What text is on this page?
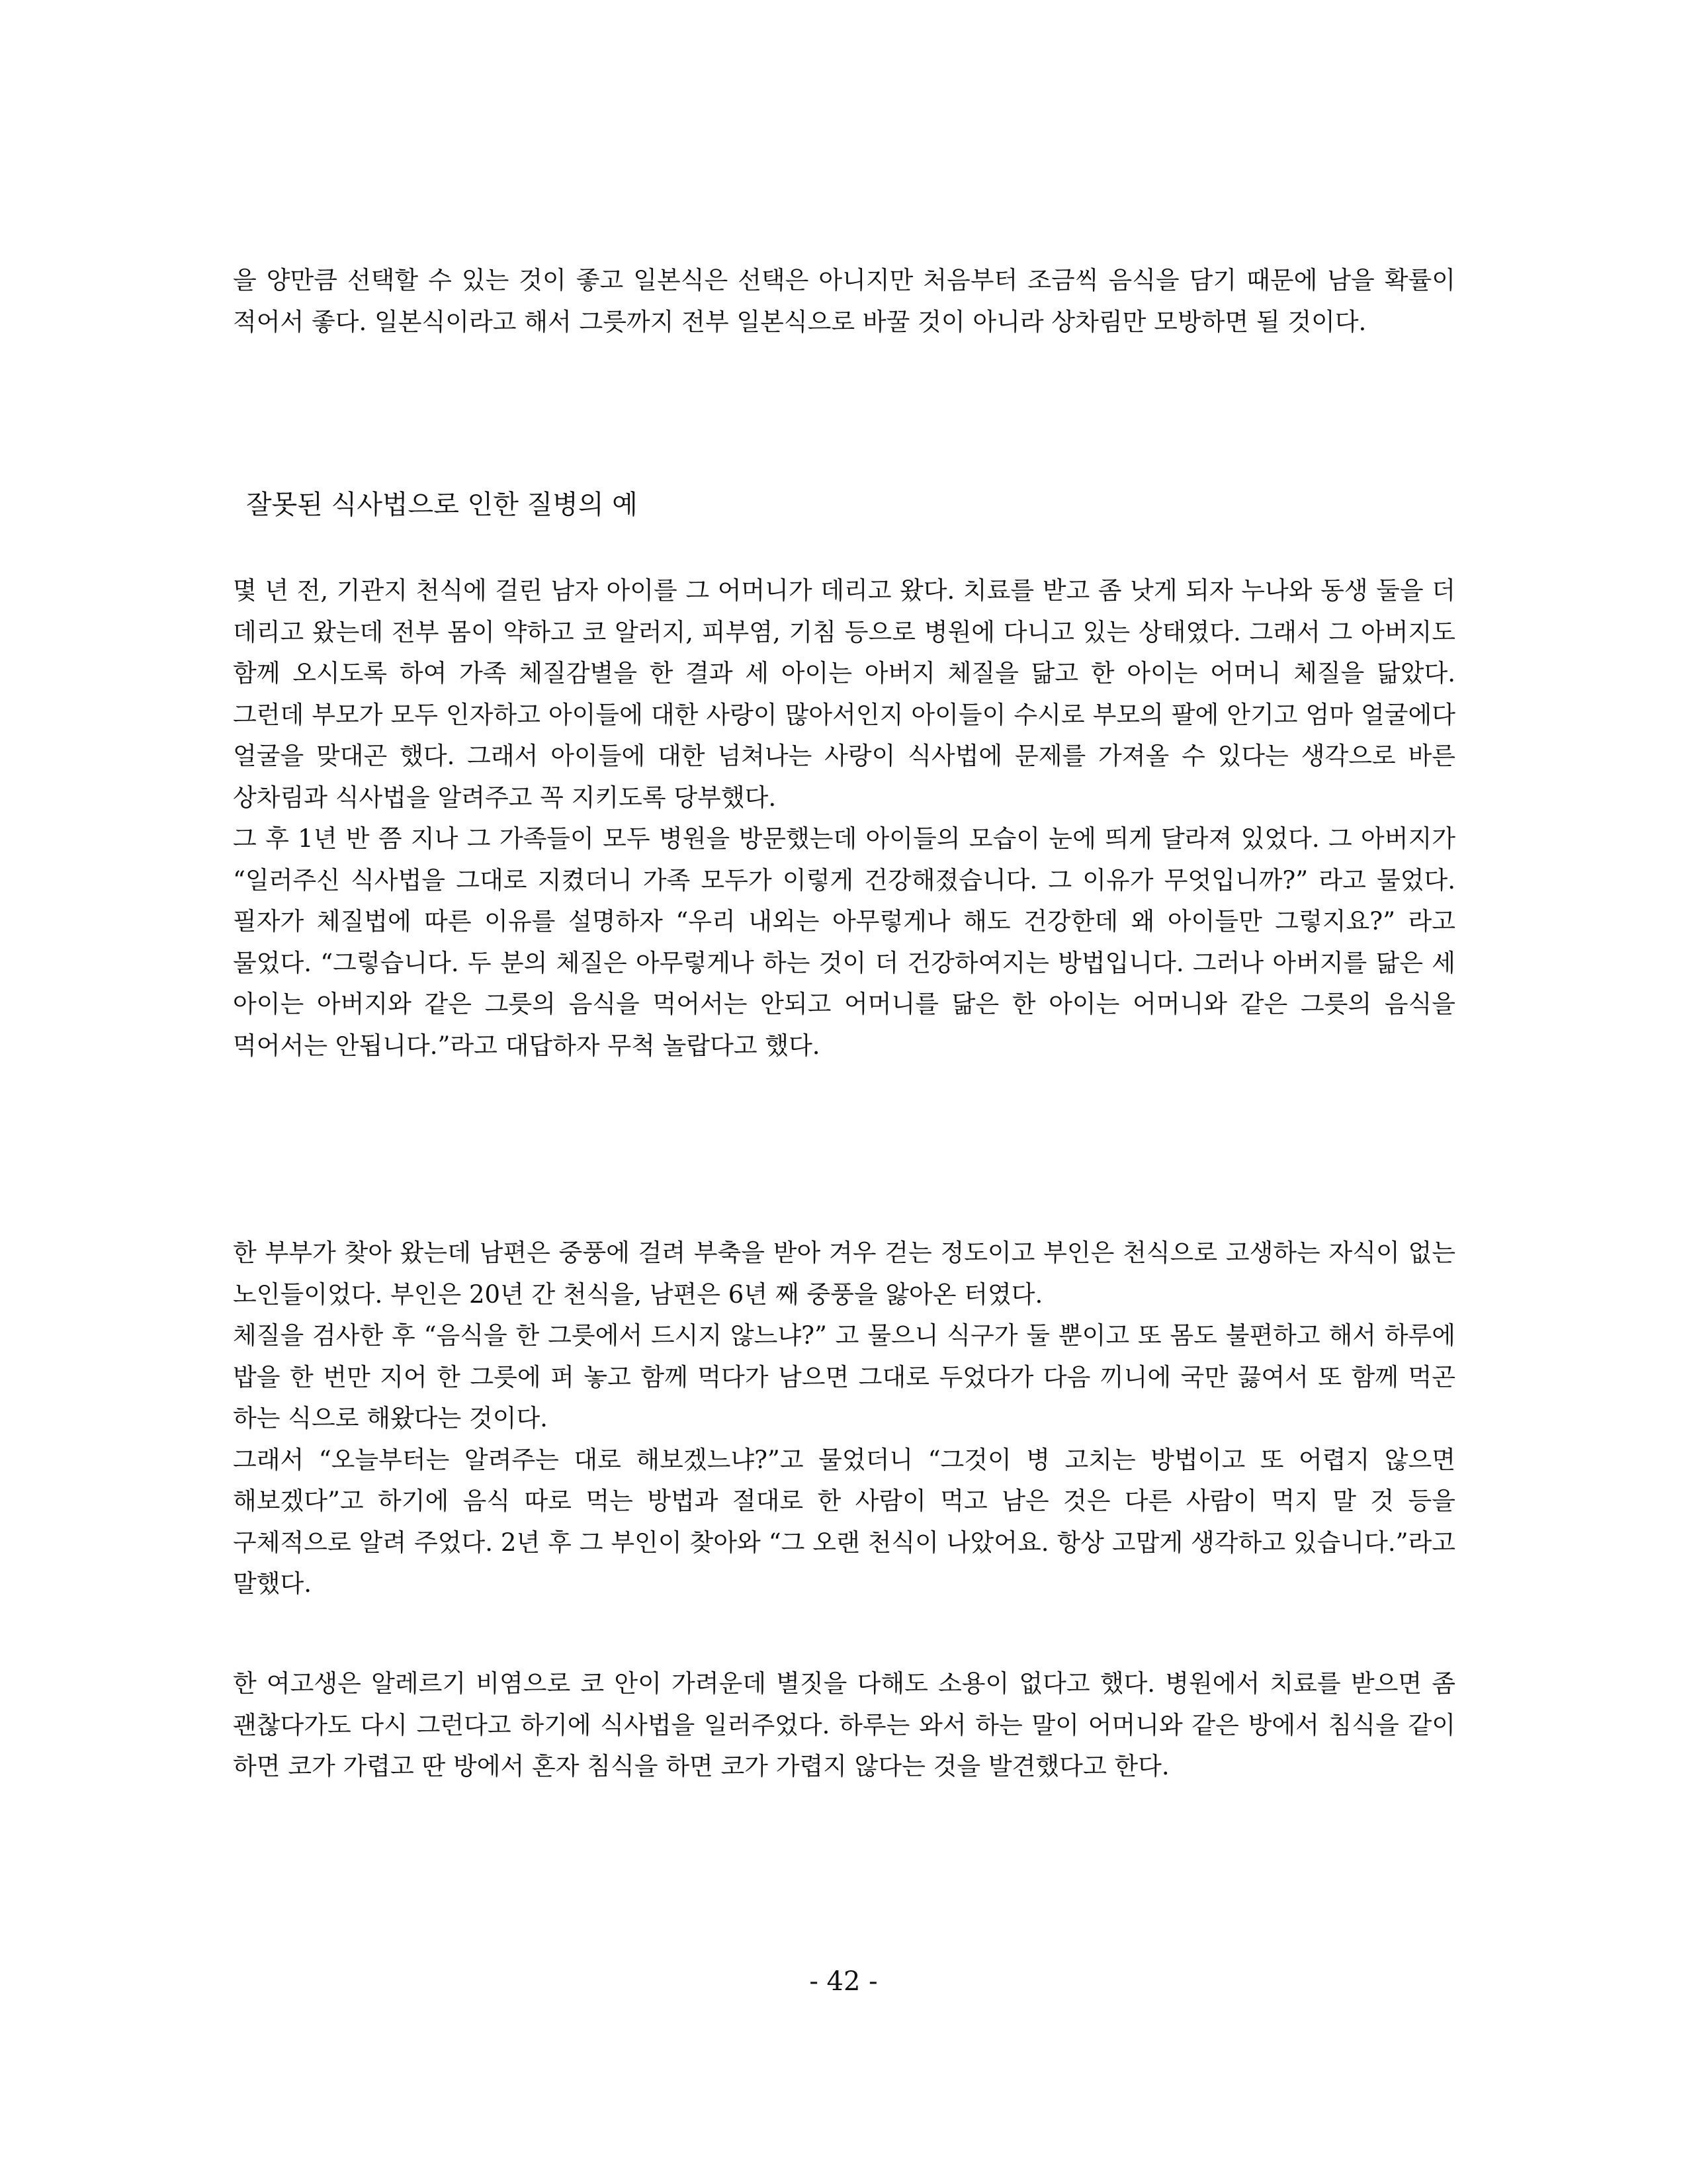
을 양만큼 선택할 수 있는 것이 좋고 일본식은 선택은 아니지만 처음부터 조금씩 음식을 담기 때문에 남을 확률이 적어서 좋다. 일본식이라고 해서 그릇까지 전부 일본식으로 바꿀 것이 아니라 상차림만 모방하면 될 것이다.

잘못된 식사법으로 인한 질병의 예

몇 년 전, 기관지 천식에 걸린 남자 아이를 그 어머니가 데리고 왔다. 치료를 받고 좀 낫게 되자 누나와 동생 둘을 더 데리고 왔는데 전부 몸이 약하고 코 알러지, 피부염, 기침 등으로 병원에 다니고 있는 상태였다. 그래서 그 아버지도 함께 오시도록 하여 가족 체질감별을 한 결과 세 아이는 아버지 체질을 닮고 한 아이는 어머니 체질을 닮았다. 그런데 부모가 모두 인자하고 아이들에 대한 사랑이 많아서인지 아이들이 수시로 부모의 팔에 안기고 엄마 얼굴에다 얼굴을 맞대곤 했다. 그래서 아이들에 대한 넘쳐나는 사랑이 식사법에 문제를 가져올 수 있다는 생각으로 바른 상차림과 식사법을 알려주고 꼭 지키도록 당부했다.

그 후 1년 반 쯤 지나 그 가족들이 모두 병원을 방문했는데 아이들의 모습이 눈에 띄게 달라져 있었다. 그 아버지가 “일러주신 식사법을 그대로 지켰더니 가족 모두가 이렇게 건강해졌습니다. 그 이유가 무엇입니까?” 라고 물었다. 필자가 체질법에 따른 이유를 설명하자 “우리 내외는 아무렇게나 해도 건강한데 왜 아이들만 그렇지요?” 라고 물었다. “그렇습니다. 두 분의 체질은 아무렇게나 하는 것이 더 건강하여지는 방법입니다. 그러나 아버지를 닮은 세 아이는 아버지와 같은 그릇의 음식을 먹어서는 안되고 어머니를 닮은 한 아이는 어머니와 같은 그릇의 음식을 먹어서는 안됩니다.”라고 대답하자 무척 놀랍다고 했다.

한 부부가 찾아 왔는데 남편은 중풍에 걸려 부축을 받아 겨우 걷는 정도이고 부인은 천식으로 고생하는 자식이 없는 노인들이었다. 부인은 20년 간 천식을, 남편은 6년 째 중풍을 앓아온 터였다.

체질을 검사한 후 “음식을 한 그릇에서 드시지 않느냐?” 고 물으니 식구가 둘 뿐이고 또 몸도 불편하고 해서 하루에 밥을 한 번만 지어 한 그릇에 퍼 놓고 함께 먹다가 남으면 그대로 두었다가 다음 끼니에 국만 끓여서 또 함께 먹곤 하는 식으로 해왔다는 것이다.

그래서 “오늘부터는 알려주는 대로 해보겠느냐?”고 물었더니 “그것이 병 고치는 방법이고 또 어렵지 않으면 해보겠다”고 하기에 음식 따로 먹는 방법과 절대로 한 사람이 먹고 남은 것은 다른 사람이 먹지 말 것 등을 구체적으로 알려 주었다. 2년 후 그 부인이 찾아와 “그 오랜 천식이 나았어요. 항상 고맙게 생각하고 있습니다.”라고 말했다.

한 여고생은 알레르기 비염으로 코 안이 가려운데 별짓을 다해도 소용이 없다고 했다. 병원에서 치료를 받으면 좀 괜찮다가도 다시 그런다고 하기에 식사법을 일러주었다. 하루는 와서 하는 말이 어머니와 같은 방에서 침식을 같이 하면 코가 가렵고 딴 방에서 혼자 침식을 하면 코가 가렵지 않다는 것을 발견했다고 한다.

- 42 -
